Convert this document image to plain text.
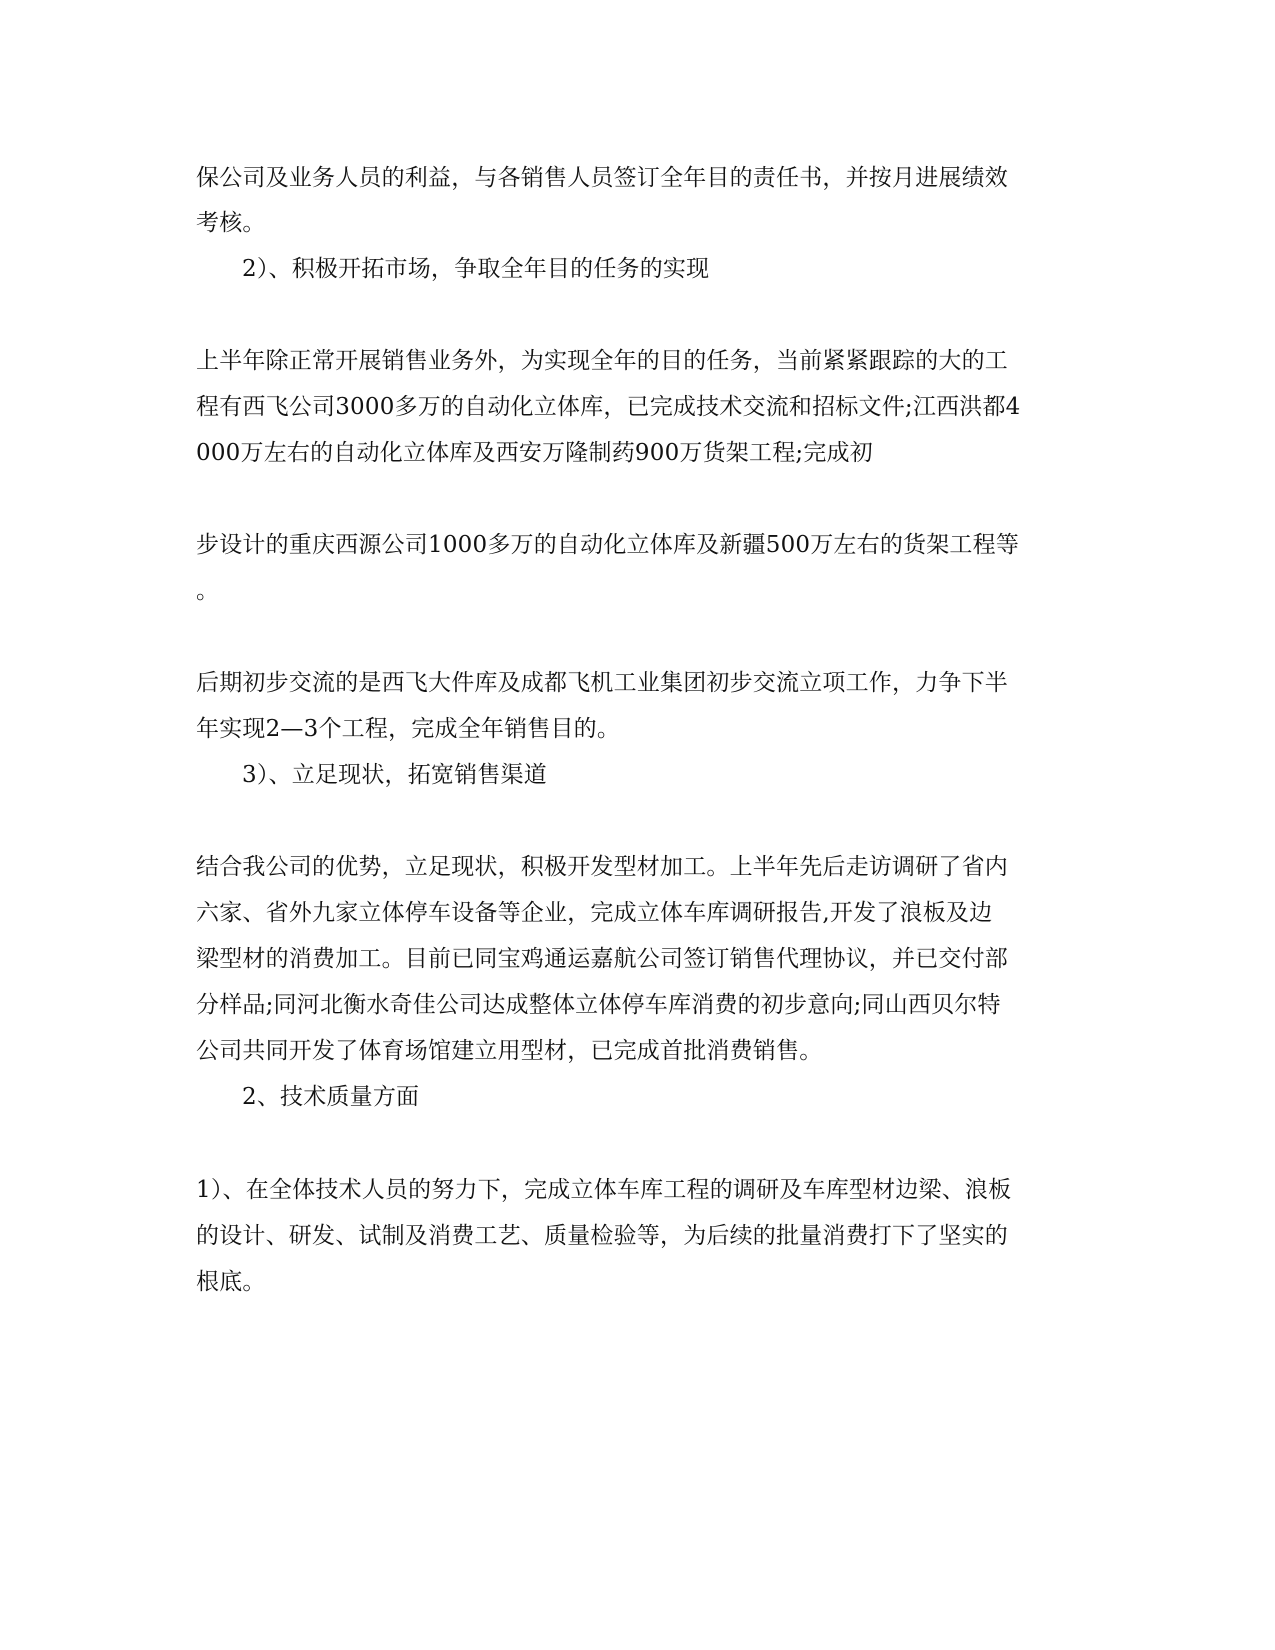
保公司及业务人员的利益，与各销售人员签订全年目的责任书，并按月进展绩效
考核。
2）、积极开拓市场，争取全年目的任务的实现
上半年除正常开展销售业务外，为实现全年的目的任务，当前紧紧跟踪的大的工
程有西飞公司3000多万的自动化立体库，已完成技术交流和招标文件;江西洪都4
000万左右的自动化立体库及西安万隆制药900万货架工程;完成初
步设计的重庆西源公司1000多万的自动化立体库及新疆500万左右的货架工程等
。
后期初步交流的是西飞大件库及成都飞机工业集团初步交流立项工作，力争下半
年实现2—3个工程，完成全年销售目的。
3）、立足现状，拓宽销售渠道
结合我公司的优势，立足现状，积极开发型材加工。上半年先后走访调研了省内
六家、省外九家立体停车设备等企业，完成立体车库调研报告,开发了浪板及边
梁型材的消费加工。目前已同宝鸡通运嘉航公司签订销售代理协议，并已交付部
分样品;同河北衡水奇佳公司达成整体立体停车库消费的初步意向;同山西贝尔特
公司共同开发了体育场馆建立用型材，已完成首批消费销售。
2、技术质量方面
1）、在全体技术人员的努力下，完成立体车库工程的调研及车库型材边梁、浪板
的设计、研发、试制及消费工艺、质量检验等，为后续的批量消费打下了坚实的
根底。
